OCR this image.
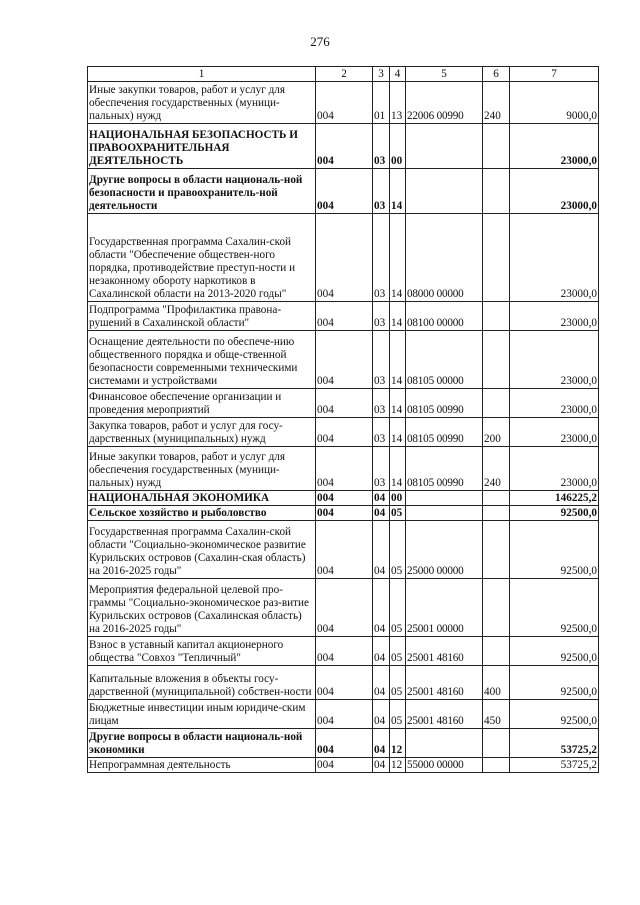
276
1	2	3	4	5	6	7
Иные закупки товаров, работ и услуг для обеспечения государственных (муници-пальных) нужд	004	01	13	22006 00990	240	9000,0
НАЦИОНАЛЬНАЯ БЕЗОПАСНОСТЬ И ПРАВООХРАНИТЕЛЬНАЯ ДЕЯТЕЛЬНОСТЬ	004	03	00			23000,0
Другие вопросы в области националь-ной безопасности и правоохранитель-ной деятельности	004	03	14			23000,0
Государственная программа Сахалин-ской области "Обеспечение обществен-ного порядка, противодействие преступ-ности и незаконному обороту наркотиков в Сахалинской области на 2013-2020 годы"	004	03	14	08000 00000		23000,0
Подпрограмма "Профилактика правона-рушений в Сахалинской области"	004	03	14	08100 00000		23000,0
Оснащение деятельности по обеспече-нию общественного порядка и обще-ственной безопасности современными техническими системами и устройствами	004	03	14	08105 00000		23000,0
Финансовое обеспечение организации и проведения мероприятий	004	03	14	08105 00990		23000,0
Закупка товаров, работ и услуг для госу-дарственных (муниципальных) нужд	004	03	14	08105 00990	200	23000,0
Иные закупки товаров, работ и услуг для обеспечения государственных (муници-пальных) нужд	004	03	14	08105 00990	240	23000,0
НАЦИОНАЛЬНАЯ ЭКОНОМИКА	004	04	00			146225,2
Сельское хозяйство и рыболовство	004	04	05			92500,0
Государственная программа Сахалин-ской области "Социально-экономическое развитие Курильских островов (Сахалин-ская область) на 2016-2025 годы"	004	04	05	25000 00000		92500,0
Мероприятия федеральной целевой про-граммы "Социально-экономическое раз-витие Курильских островов (Сахалинская область) на 2016-2025 годы"	004	04	05	25001 00000		92500,0
Взнос в уставный капитал акционерного общества "Совхоз "Тепличный"	004	04	05	25001 48160		92500,0
Капитальные вложения в объекты госу-дарственной (муниципальной) собствен-ности	004	04	05	25001 48160	400	92500,0
Бюджетные инвестиции иным юридиче-ским лицам	004	04	05	25001 48160	450	92500,0
Другие вопросы в области националь-ной экономики	004	04	12			53725,2
Непрограммная деятельность	004	04	12	55000 00000		53725,2
